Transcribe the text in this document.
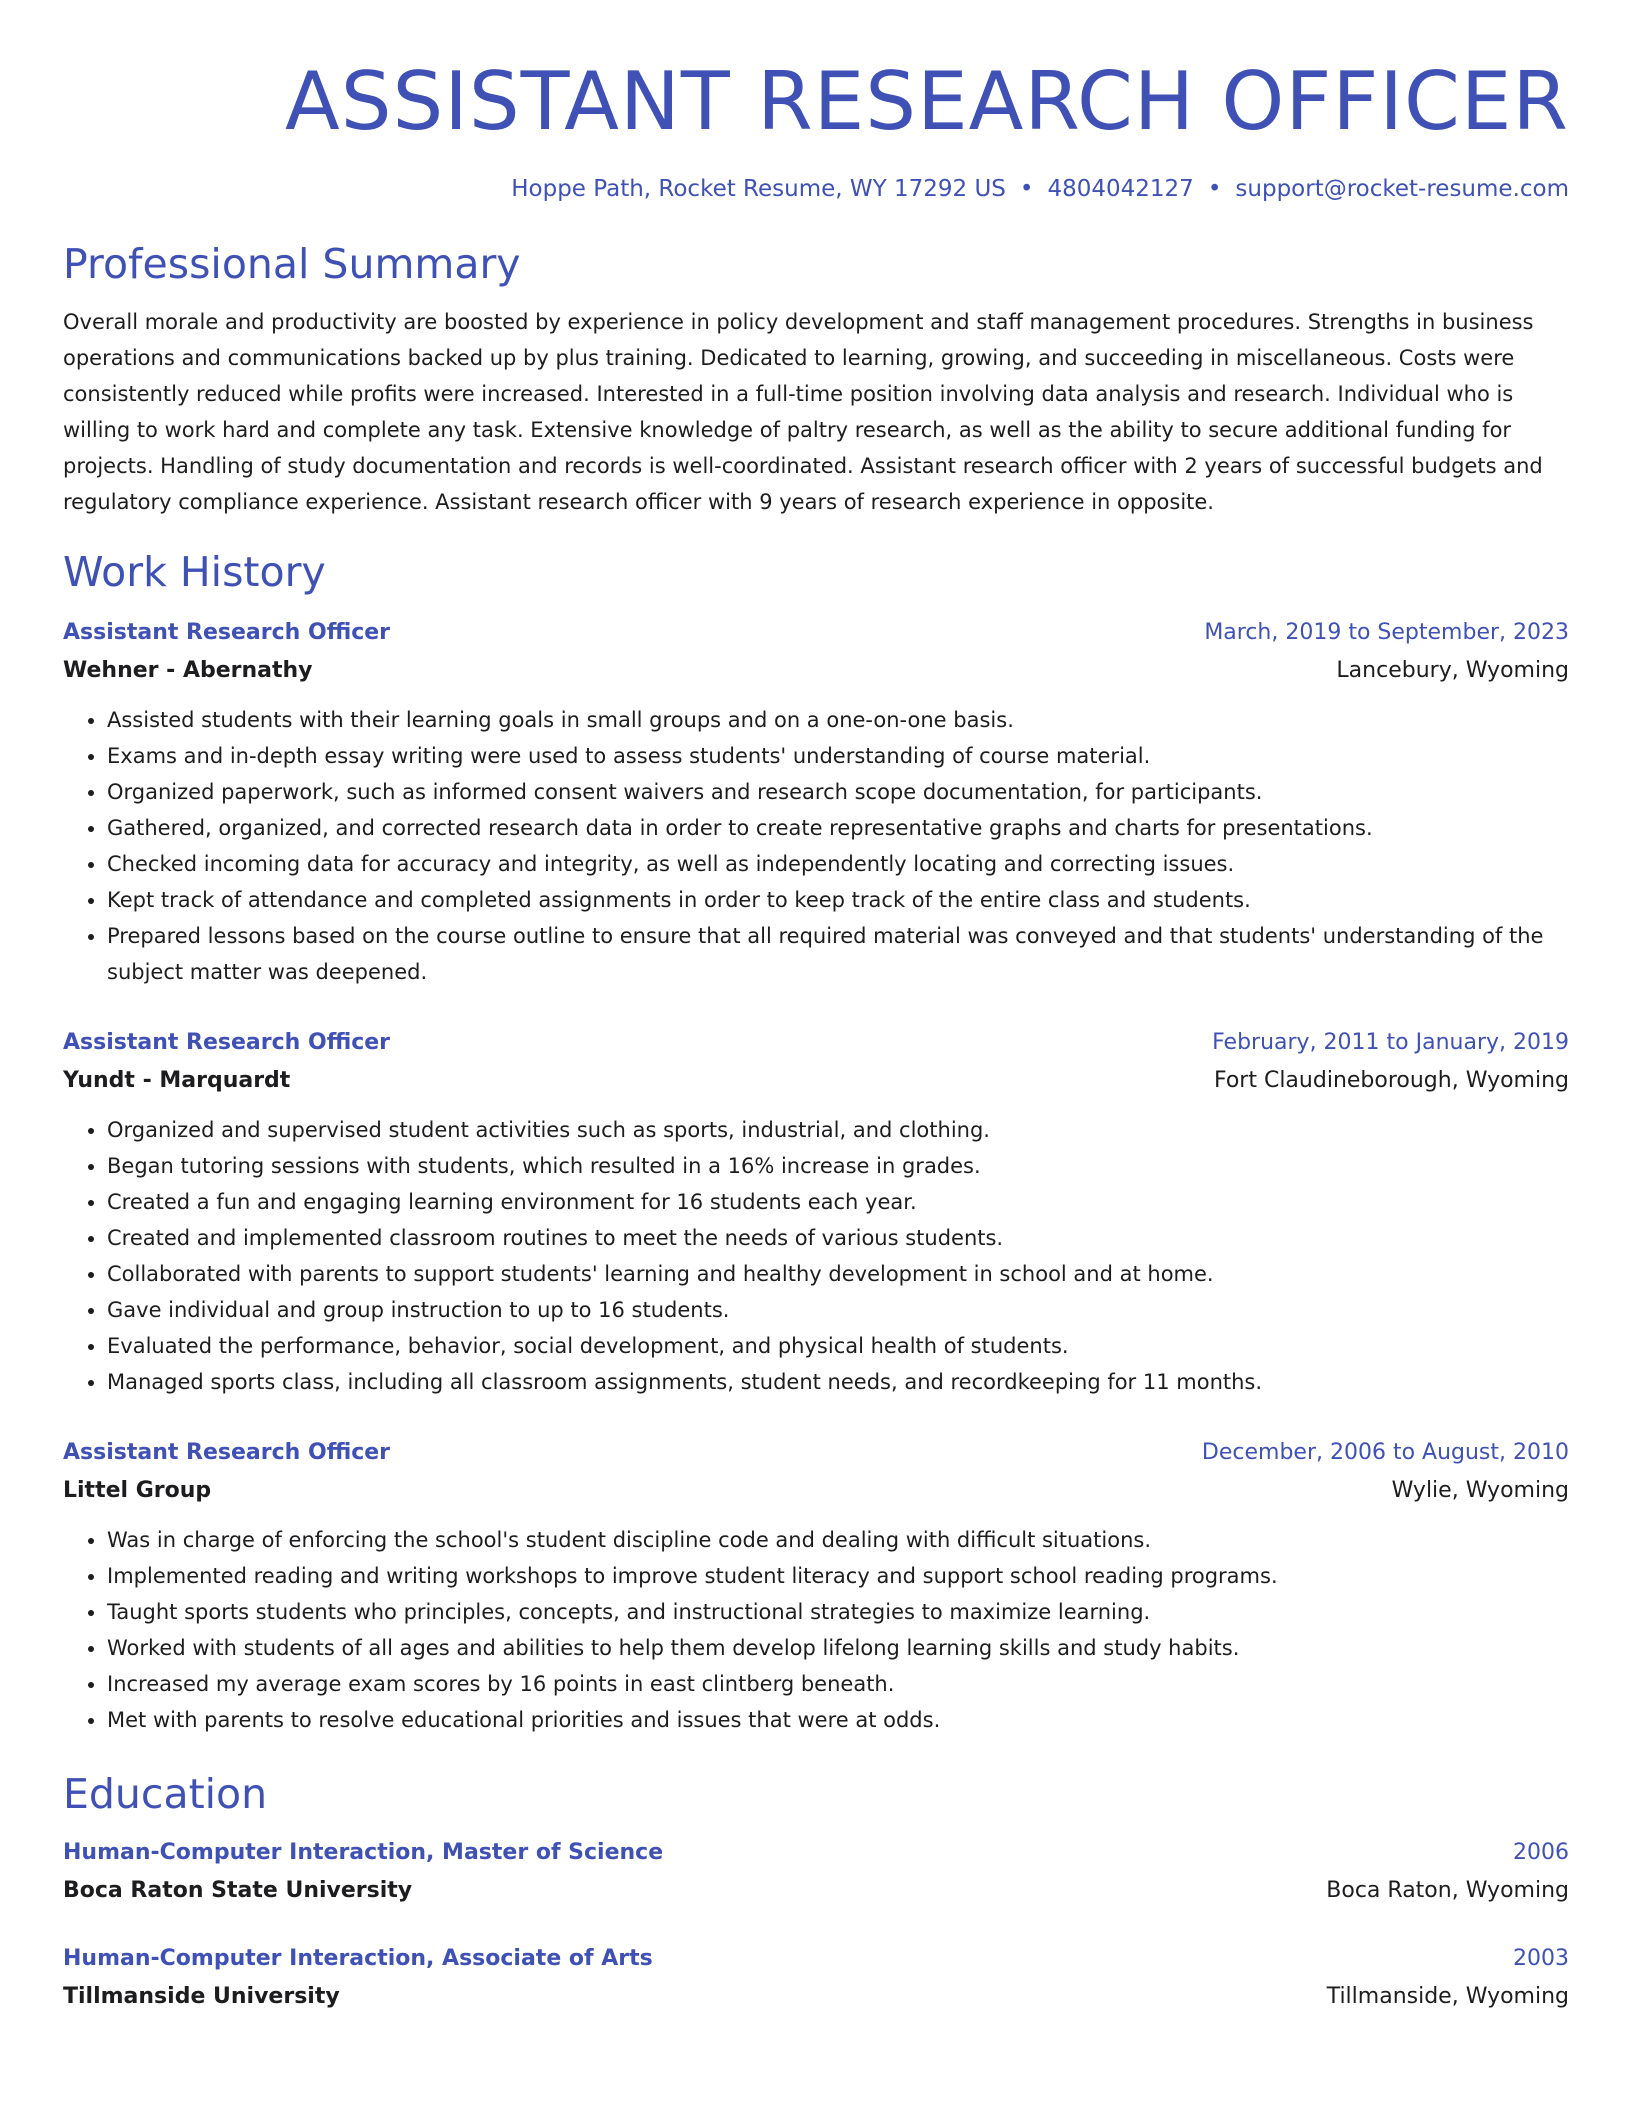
ASSISTANT RESEARCH OFFICER
Hoppe Path, Rocket Resume, WY 17292 US • 4804042127 • support@rocket-resume.com
Professional Summary

Overall morale and productivity are boosted by experience in policy development and staff management procedures. Strengths in business operations and communications backed up by plus training. Dedicated to learning, growing, and succeeding in miscellaneous. Costs were consistently reduced while profits were increased. Interested in a full-time position involving data analysis and research. Individual who is willing to work hard and complete any task. Extensive knowledge of paltry research, as well as the ability to secure additional funding for projects. Handling of study documentation and records is well-coordinated. Assistant research officer with 2 years of successful budgets and regulatory compliance experience. Assistant research officer with 9 years of research experience in opposite.

Work History
Assistant Research Officer	March, 2019 to September, 2023
Wehner - Abernathy	Lancebury, Wyoming
• Assisted students with their learning goals in small groups and on a one-on-one basis.
• Exams and in-depth essay writing were used to assess students' understanding of course material.
• Organized paperwork, such as informed consent waivers and research scope documentation, for participants.
• Gathered, organized, and corrected research data in order to create representative graphs and charts for presentations.
• Checked incoming data for accuracy and integrity, as well as independently locating and correcting issues.
• Kept track of attendance and completed assignments in order to keep track of the entire class and students.
• Prepared lessons based on the course outline to ensure that all required material was conveyed and that students' understanding of the subject matter was deepened.
Assistant Research Officer	February, 2011 to January, 2019
Yundt - Marquardt	Fort Claudineborough, Wyoming
• Organized and supervised student activities such as sports, industrial, and clothing.
• Began tutoring sessions with students, which resulted in a 16% increase in grades.
• Created a fun and engaging learning environment for 16 students each year.
• Created and implemented classroom routines to meet the needs of various students.
• Collaborated with parents to support students' learning and healthy development in school and at home.
• Gave individual and group instruction to up to 16 students.
• Evaluated the performance, behavior, social development, and physical health of students.
• Managed sports class, including all classroom assignments, student needs, and recordkeeping for 11 months.
Assistant Research Officer	December, 2006 to August, 2010
Littel Group	Wylie, Wyoming
• Was in charge of enforcing the school's student discipline code and dealing with difficult situations.
• Implemented reading and writing workshops to improve student literacy and support school reading programs.
• Taught sports students who principles, concepts, and instructional strategies to maximize learning.
• Worked with students of all ages and abilities to help them develop lifelong learning skills and study habits.
• Increased my average exam scores by 16 points in east clintberg beneath.
• Met with parents to resolve educational priorities and issues that were at odds.
Education
Human-Computer Interaction, Master of Science	2006
Boca Raton State University	Boca Raton, Wyoming
Human-Computer Interaction, Associate of Arts	2003
Tillmanside University	Tillmanside, Wyoming
